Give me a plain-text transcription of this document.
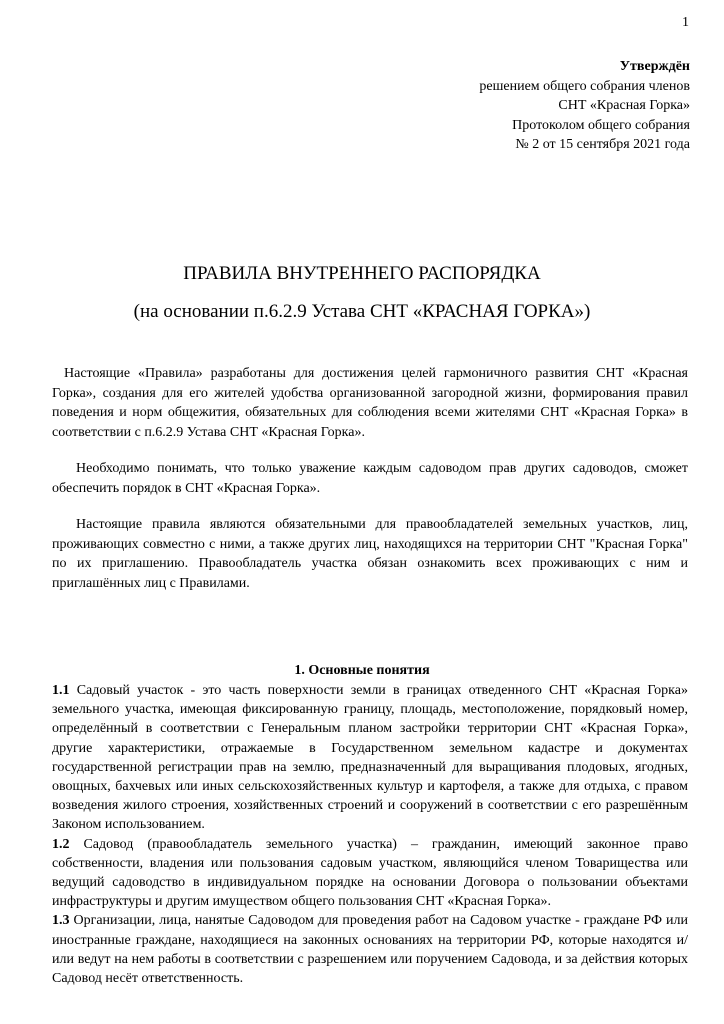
1
Утверждён
решением общего собрания членов
СНТ «Красная Горка»
Протоколом общего собрания
№ 2 от 15 сентября 2021 года
ПРАВИЛА ВНУТРЕННЕГО РАСПОРЯДКА
(на основании п.6.2.9 Устава СНТ «КРАСНАЯ ГОРКА»)

Настоящие «Правила» разработаны для достижения целей гармоничного развития СНТ «Красная Горка», создания для его жителей удобства организованной загородной жизни, формирования правил поведения и норм общежития, обязательных для соблюдения всеми жителями СНТ «Красная Горка» в соответствии с п.6.2.9 Устава СНТ «Красная Горка».

Необходимо понимать, что только уважение каждым садоводом прав других садоводов, сможет обеспечить порядок в СНТ «Красная Горка».

Настоящие правила являются обязательными для правообладателей земельных участков, лиц, проживающих совместно с ними, а также других лиц, находящихся на территории СНТ "Красная Горка" по их приглашению. Правообладатель участка обязан ознакомить всех проживающих с ним и приглашённых лиц с Правилами.

1. Основные понятия

1.1 Садовый участок - это часть поверхности земли в границах отведенного СНТ «Красная Горка» земельного участка, имеющая фиксированную границу, площадь, местоположение, порядковый номер, определённый в соответствии с Генеральным планом застройки территории СНТ «Красная Горка», другие характеристики, отражаемые в Государственном земельном кадастре и документах государственной регистрации прав на землю, предназначенный для выращивания плодовых, ягодных, овощных, бахчевых или иных сельскохозяйственных культур и картофеля, а также для отдыха, с правом возведения жилого строения, хозяйственных строений и сооружений в соответствии с его разрешённым Законом использованием.

1.2 Садовод (правообладатель земельного участка) – гражданин, имеющий законное право собственности, владения или пользования садовым участком, являющийся членом Товарищества или ведущий садоводство в индивидуальном порядке на основании Договора о пользовании объектами инфраструктуры и другим имуществом общего пользования СНТ «Красная Горка».

1.3 Организации, лица, нанятые Садоводом для проведения работ на Садовом участке - граждане РФ или иностранные граждане, находящиеся на законных основаниях на территории РФ, которые находятся и/или ведут на нем работы в соответствии с разрешением или поручением Садовода, и за действия которых Садовод несёт ответственность.
